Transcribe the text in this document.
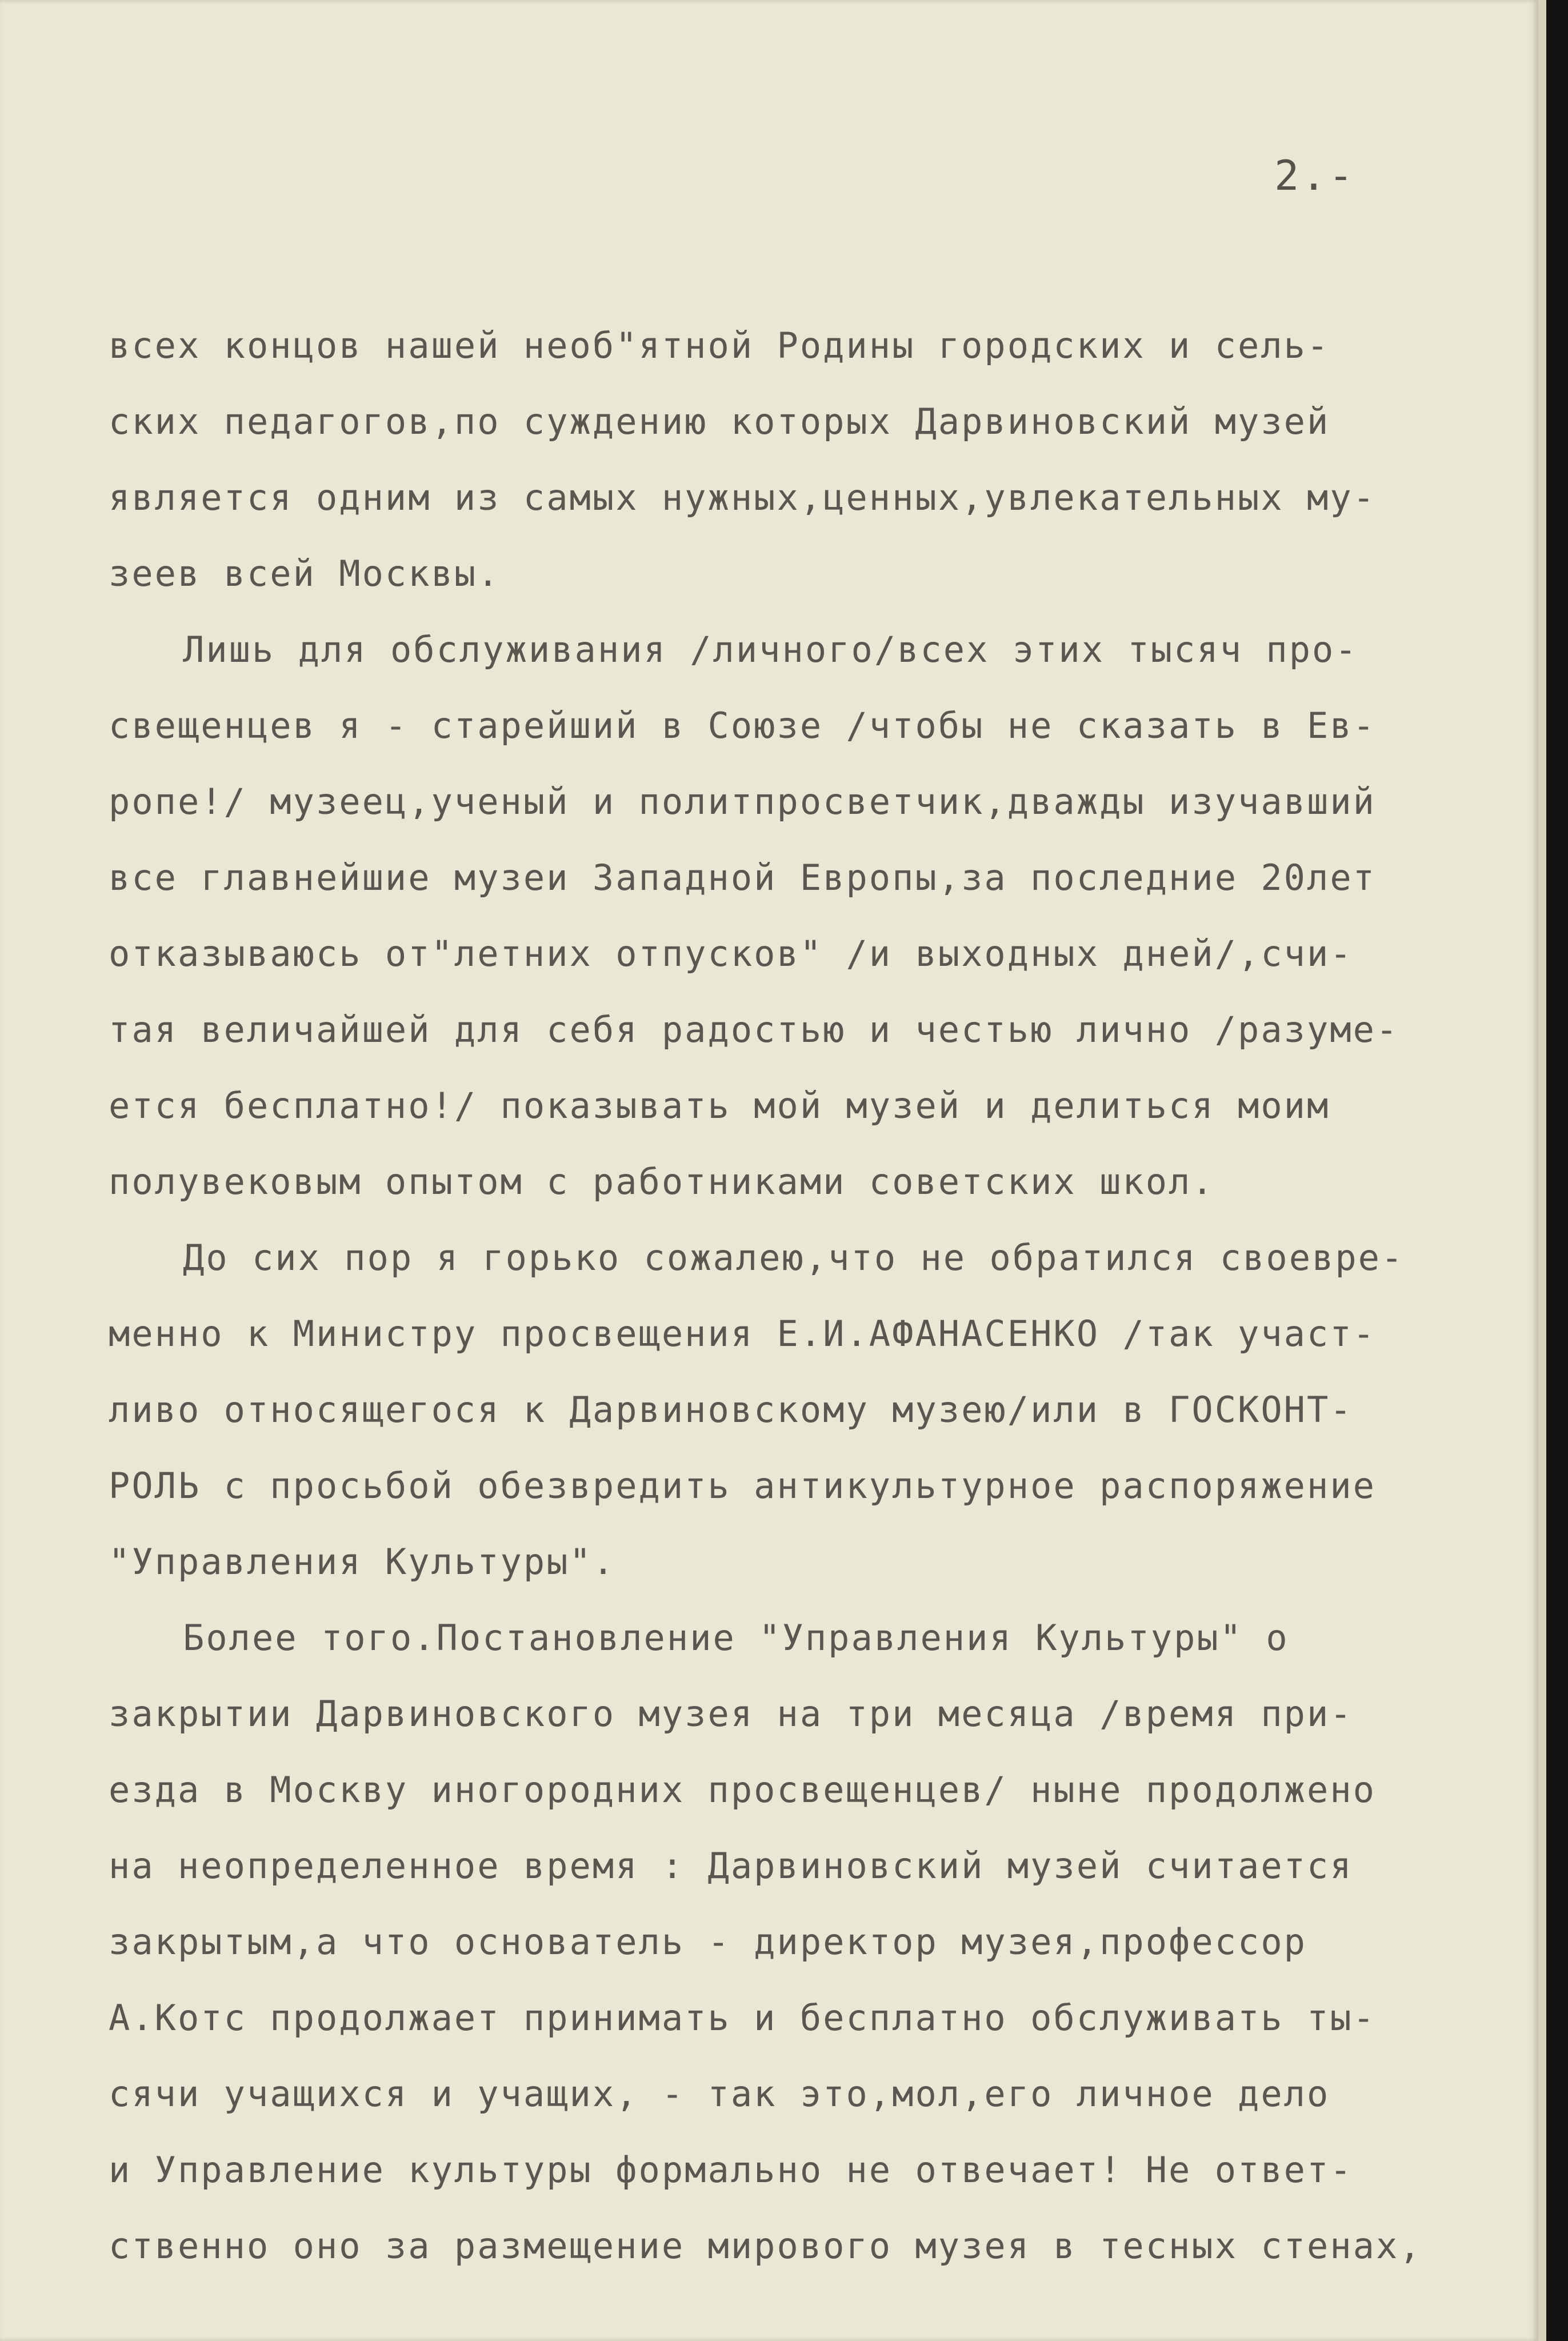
2.-
всех концов нашей необ"ятной Родины городских и сель-
ских педагогов,по суждению которых Дарвиновский музей
является одним из самых нужных,ценных,увлекательных му-
зеев всей Москвы.
Лишь для обслуживания /личного/всех этих тысяч про-
свещенцев я - старейший в Союзе /чтобы не сказать в Ев-
ропе!/ музеец,ученый и политпросветчик,дважды изучавший
все главнейшие музеи Западной Европы,за последние 20лет
отказываюсь от"летних отпусков" /и выходных дней/,счи-
тая величайшей для себя радостью и честью лично /разуме-
ется бесплатно!/ показывать мой музей и делиться моим
полувековым опытом с работниками советских школ.
До сих пор я горько сожалею,что не обратился своевре-
менно к Министру просвещения Е.И.АФАНАСЕНКО /так участ-
ливо относящегося к Дарвиновскому музею/или в ГОСКОНТ-
РОЛЬ с просьбой обезвредить антикультурное распоряжение
"Управления Культуры".
Более того.Постановление "Управления Культуры" о
закрытии Дарвиновского музея на три месяца /время при-
езда в Москву иногородних просвещенцев/ ныне продолжено
на неопределенное время : Дарвиновский музей считается
закрытым,а что основатель - директор музея,профессор
А.Котс продолжает принимать и бесплатно обслуживать ты-
сячи учащихся и учащих, - так это,мол,его личное дело
и Управление культуры формально не отвечает! Не ответ-
ственно оно за размещение мирового музея в тесных стенах,
